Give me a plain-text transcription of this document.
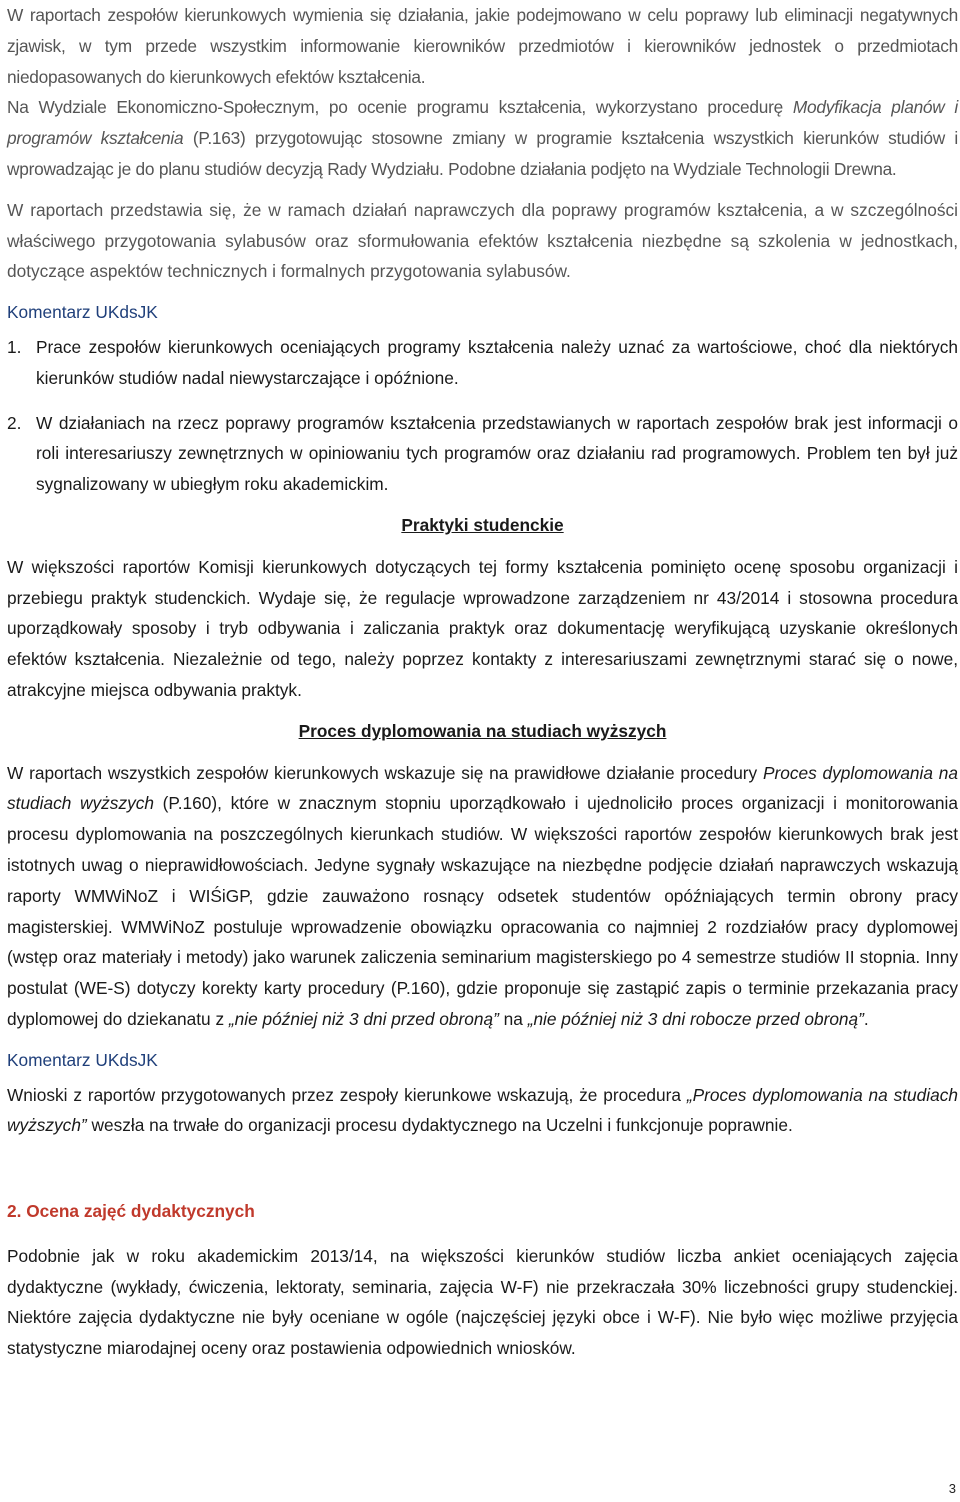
W raportach zespołów kierunkowych wymienia się działania, jakie podejmowano w celu poprawy lub eliminacji negatywnych zjawisk, w tym przede wszystkim informowanie kierowników przedmiotów i kierowników jednostek o przedmiotach niedopasowanych do kierunkowych efektów kształcenia.

Na Wydziale Ekonomiczno-Społecznym, po ocenie programu kształcenia, wykorzystano procedurę Modyfikacja planów i programów kształcenia (P.163) przygotowując stosowne zmiany w programie kształcenia wszystkich kierunków studiów i wprowadzając je do planu studiów decyzją Rady Wydziału. Podobne działania podjęto na Wydziale Technologii Drewna.

W raportach przedstawia się, że w ramach działań naprawczych dla poprawy programów kształcenia, a w szczególności właściwego przygotowania sylabusów oraz sformułowania efektów kształcenia niezbędne są szkolenia w jednostkach, dotyczące aspektów technicznych i formalnych przygotowania sylabusów.

Komentarz UKdsJK
1. Prace zespołów kierunkowych oceniających programy kształcenia należy uznać za wartościowe, choć dla niektórych kierunków studiów nadal niewystarczające i opóźnione.
2. W działaniach na rzecz poprawy programów kształcenia przedstawianych w raportach zespołów brak jest informacji o roli interesariuszy zewnętrznych w opiniowaniu tych programów oraz działaniu rad programowych. Problem ten był już sygnalizowany w ubiegłym roku akademickim.
Praktyki studenckie

W większości raportów Komisji kierunkowych dotyczących tej formy kształcenia pominięto ocenę sposobu organizacji i przebiegu praktyk studenckich. Wydaje się, że regulacje wprowadzone zarządzeniem nr 43/2014 i stosowna procedura uporządkowały sposoby i tryb odbywania i zaliczania praktyk oraz dokumentację weryfikującą uzyskanie określonych efektów kształcenia. Niezależnie od tego, należy poprzez kontakty z interesariuszami zewnętrznymi starać się o nowe, atrakcyjne miejsca odbywania praktyk.

Proces dyplomowania na studiach wyższych

W raportach wszystkich zespołów kierunkowych wskazuje się na prawidłowe działanie procedury Proces dyplomowania na studiach wyższych (P.160), które w znacznym stopniu uporządkowało i ujednoliciło proces organizacji i monitorowania procesu dyplomowania na poszczególnych kierunkach studiów. W większości raportów zespołów kierunkowych brak jest istotnych uwag o nieprawidłowościach. Jedyne sygnały wskazujące na niezbędne podjęcie działań naprawczych wskazują raporty WMWiNoZ i WIŚiGP, gdzie zauważono rosnący odsetek studentów opóźniających termin obrony pracy magisterskiej. WMWiNoZ postuluje wprowadzenie obowiązku opracowania co najmniej 2 rozdziałów pracy dyplomowej (wstęp oraz materiały i metody) jako warunek zaliczenia seminarium magisterskiego po 4 semestrze studiów II stopnia. Inny postulat (WE-S) dotyczy korekty karty procedury (P.160), gdzie proponuje się zastąpić zapis o terminie przekazania pracy dyplomowej do dziekanatu z „nie później niż 3 dni przed obroną” na „nie później niż 3 dni robocze przed obroną”.

Komentarz UKdsJK

Wnioski z raportów przygotowanych przez zespoły kierunkowe wskazują, że procedura „Proces dyplomowania na studiach wyższych” weszła na trwałe do organizacji procesu dydaktycznego na Uczelni i funkcjonuje poprawnie.

2. Ocena zajęć dydaktycznych

Podobnie jak w roku akademickim 2013/14, na większości kierunków studiów liczba ankiet oceniających zajęcia dydaktyczne (wykłady, ćwiczenia, lektoraty, seminaria, zajęcia W-F) nie przekraczała 30% liczebności grupy studenckiej. Niektóre zajęcia dydaktyczne nie były oceniane w ogóle (najczęściej języki obce i W-F). Nie było więc możliwe przyjęcia statystyczne miarodajnej oceny oraz postawienia odpowiednich wniosków.

3
